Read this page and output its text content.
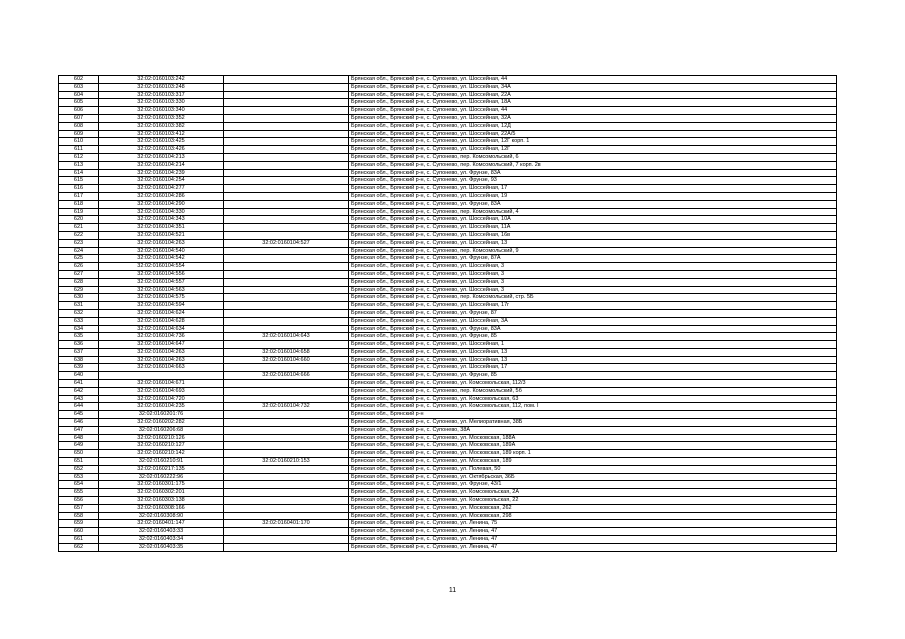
602	32:02:0160103:242		Брянская обл., Брянский р-н, с. Супонево, ул. Шоссейная, 44
603	32:02:0160103:248		Брянская обл., Брянский р-н, с. Супонево, ул. Шоссейная, 34А
604	32:02:0160103:317		Брянская обл., Брянский р-н, с. Супонево, ул. Шоссейная, 22А
605	32:02:0160103:330		Брянская обл., Брянский р-н, с. Супонево, ул. Шоссейная, 18А
606	32:02:0160103:340		Брянская обл., Брянский р-н, с. Супонево, ул. Шоссейная, 44
607	32:02:0160103:352		Брянская обл., Брянский р-н, с. Супонево, ул. Шоссейная, 32А
608	32:02:0160103:382		Брянская обл., Брянский р-н, с. Супонево, ул. Шоссейная, 12Д
609	32:02:0160103:412		Брянская обл., Брянский р-н, с. Супонево, ул. Шоссейная, 22А/5
610	32:02:0160103:425		Брянская обл., Брянский р-н, с. Супонево, ул. Шоссейная, 12Г корп. 1
611	32:02:0160103:426		Брянская обл., Брянский р-н, с. Супонево, ул. Шоссейная, 12Г
612	32:02:0160104:213		Брянская обл., Брянский р-н, с. Супонево, пер. Комсомольский, 6
613	32:02:0160104:214		Брянская обл., Брянский р-н, с. Супонево, пер. Комсомольский, 7 корп. 2в
614	32:02:0160104:239		Брянская обл., Брянский р-н, с. Супонево, ул. Фрунзе, 83А
615	32:02:0160104:254		Брянская обл., Брянский р-н, с. Супонево, ул. Фрунзе, 93
616	32:02:0160104:277		Брянская обл., Брянский р-н, с. Супонево, ул. Шоссейная, 17
617	32:02:0160104:286		Брянская обл., Брянский р-н, с. Супонево, ул. Шоссейная, 19
618	32:02:0160104:290		Брянская обл., Брянский р-н, с. Супонево, ул. Фрунзе, 83А
619	32:02:0160104:330		Брянская обл., Брянский р-н, с. Супонево, пер. Комсомольский, 4
620	32:02:0160104:343		Брянская обл., Брянский р-н, с. Супонево, ул. Шоссейная, 10А
621	32:02:0160104:351		Брянская обл., Брянский р-н, с. Супонево, ул. Шоссейная, 11А
622	32:02:0160104:521		Брянская обл., Брянский р-н, с. Супонево, ул. Шоссейная, 16в
623	32:02:0160104:263	32:02:0160104:527	Брянская обл., Брянский р-н, с. Супонево, ул. Шоссейная, 13
624	32:02:0160104:540		Брянская обл., Брянский р-н, с. Супонево, пер. Комсомольский, 9
625	32:02:0160104:542		Брянская обл., Брянский р-н, с. Супонево, ул. Фрунзе, 87А
626	32:02:0160104:554		Брянская обл., Брянский р-н, с. Супонево, ул. Шоссейная, 3
627	32:02:0160104:556		Брянская обл., Брянский р-н, с. Супонево, ул. Шоссейная, 3
628	32:02:0160104:557		Брянская обл., Брянский р-н, с. Супонево, ул. Шоссейная, 3
629	32:02:0160104:563		Брянская обл., Брянский р-н, с. Супонево, ул. Шоссейная, 3
630	32:02:0160104:575		Брянская обл., Брянский р-н, с. Супонево, пер. Комсомольский, стр. 5Б
631	32:02:0160104:594		Брянская обл., Брянский р-н, с. Супонево, ул. Шоссейная, 17г
632	32:02:0160104:624		Брянская обл., Брянский р-н, с. Супонево, ул. Фрунзе, 87
633	32:02:0160104:628		Брянская обл., Брянский р-н, с. Супонево, ул. Шоссейная, 3А
634	32:02:0160104:634		Брянская обл., Брянский р-н, с. Супонево, ул. Фрунзе, 83А
635	32:02:0160104:736	32:02:0160104:643	Брянская обл., Брянский р-н, с. Супонево, ул. Фрунзе, 85
636	32:02:0160104:647		Брянская обл., Брянский р-н, с. Супонево, ул. Шоссейная, 1
637	32:02:0160104:263	32:02:0160104:658	Брянская обл., Брянский р-н, с. Супонево, ул. Шоссейная, 13
638	32:02:0160104:263	32:02:0160104:660	Брянская обл., Брянский р-н, с. Супонево, ул. Шоссейная, 13
639	32:02:0160104:663		Брянская обл., Брянский р-н, с. Супонево, ул. Шоссейная, 17
640		32:02:0160104:666	Брянская обл., Брянский р-н, с. Супонево, ул. Фрунзе, 85
641	32:02:0160104:671		Брянская обл., Брянский р-н, с. Супонево, ул. Комсомольская, 112/3
642	32:02:0160104:693		Брянская обл., Брянский р-н, с. Супонево, пер. Комсомольский, 5б
643	32:02:0160104:720		Брянская обл., Брянский р-н, с. Супонево, ул. Комсомольская, 63
644	32:02:0160104:235	32:02:0160104:732	Брянская обл., Брянский р-н, с. Супонево, ул. Комсомольская, 112, пом. I
645	32:02:0160201:76		Брянская обл., Брянский р-н
646	32:02:0160202:282		Брянская обл., Брянский р-н, с. Супонево, ул. Мелиоративная, 38Б
647	32:02:0160206:68		Брянская обл., Брянский р-н, с. Супонево, 38А
648	32:02:0160210:126		Брянская обл., Брянский р-н, с. Супонево, ул. Московская, 188А
649	32:02:0160210:127		Брянская обл., Брянский р-н, с. Супонево, ул. Московская, 189А
650	32:02:0160210:142		Брянская обл., Брянский р-н, с. Супонево, ул. Московская, 189 корп. 1
651	32:02:0160210:91	32:02:0160210:153	Брянская обл., Брянский р-н, с. Супонево, ул. Московская, 189
652	32:02:0160217:135		Брянская обл., Брянский р-н, с. Супонево, ул. Полевая, 50
653	32:02:0160222:96		Брянская обл., Брянский р-н, с. Супонево, ул. Октябрьская, 36Б
654	32:02:0160301:175		Брянская обл., Брянский р-н, с. Супонево, ул. Фрунзе, 43/1
655	32:02:0160302:201		Брянская обл., Брянский р-н, с. Супонево, ул. Комсомольская, 2А
656	32:02:0160303:138		Брянская обл., Брянский р-н, с. Супонево, ул. Комсомольская, 22
657	32:02:0160308:166		Брянская обл., Брянский р-н, с. Супонево, ул. Московская, 262
658	32:02:0160308:90		Брянская обл., Брянский р-н, с. Супонево, ул. Московская, 298
659	32:02:0160401:147	32:02:0160401:170	Брянская обл., Брянский р-н, с. Супонево, ул. Ленина, 75
660	32:02:0160403:33		Брянская обл., Брянский р-н, с. Супонево, ул. Ленина, 47
661	32:02:0160403:34		Брянская обл., Брянский р-н, с. Супонево, ул. Ленина, 47
662	32:02:0160403:35		Брянская обл., Брянский р-н, с. Супонево, ул. Ленина, 47
11
